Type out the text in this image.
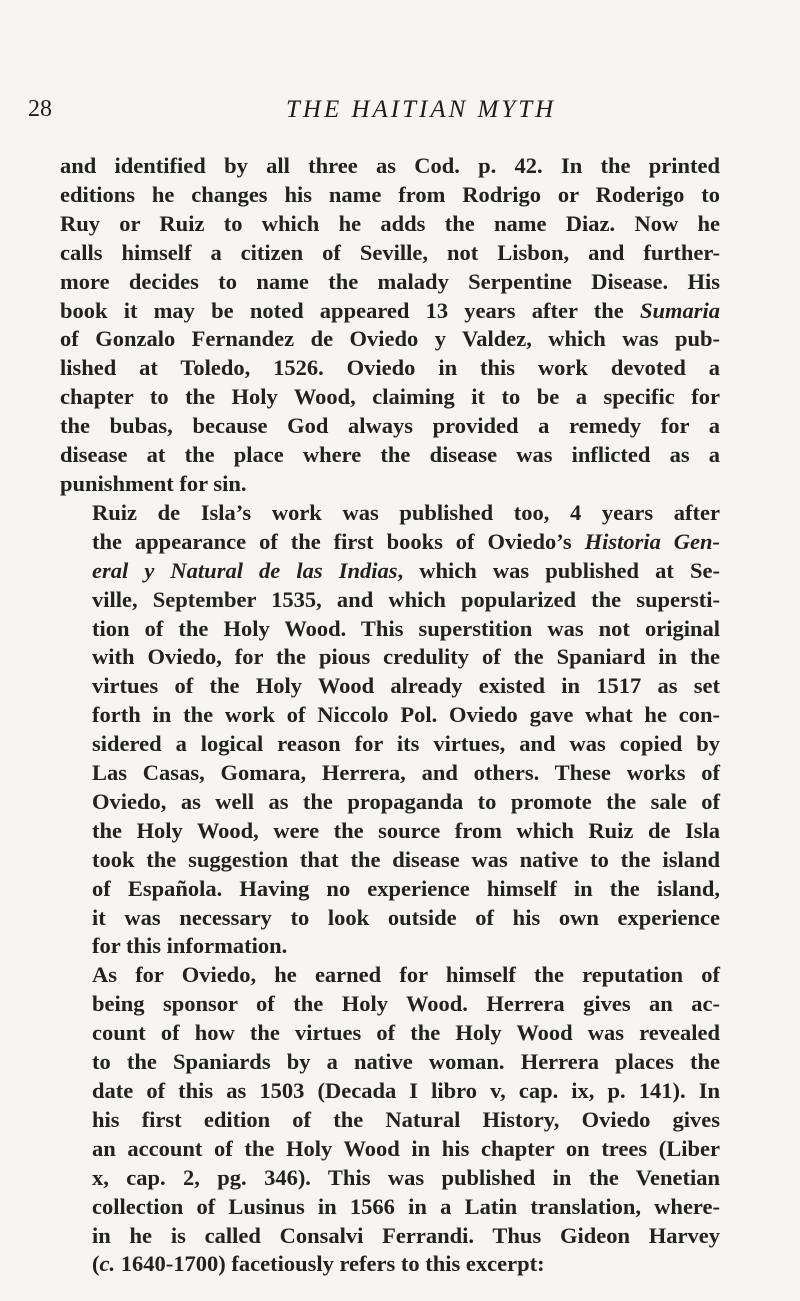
28	THE HAITIAN MYTH

and identified by all three as Cod. p. 42. In the printed
editions he changes his name from Rodrigo or Roderigo to
Ruy or Ruiz to which he adds the name Diaz. Now he
calls himself a citizen of Seville, not Lisbon, and further-
more decides to name the malady Serpentine Disease. His
book it may be noted appeared 13 years after the Sumaria
of Gonzalo Fernandez de Oviedo y Valdez, which was pub-
lished at Toledo, 1526. Oviedo in this work devoted a
chapter to the Holy Wood, claiming it to be a specific for
the bubas, because God always provided a remedy for a
disease at the place where the disease was inflicted as a
punishment for sin.

Ruiz de Isla’s work was published too, 4 years after
the appearance of the first books of Oviedo’s Historia Gen-
eral y Natural de las Indias, which was published at Se-
ville, September 1535, and which popularized the supersti-
tion of the Holy Wood. This superstition was not original
with Oviedo, for the pious credulity of the Spaniard in the
virtues of the Holy Wood already existed in 1517 as set
forth in the work of Niccolo Pol. Oviedo gave what he con-
sidered a logical reason for its virtues, and was copied by
Las Casas, Gomara, Herrera, and others. These works of
Oviedo, as well as the propaganda to promote the sale of
the Holy Wood, were the source from which Ruiz de Isla
took the suggestion that the disease was native to the island
of Española. Having no experience himself in the island,
it was necessary to look outside of his own experience
for this information.

As for Oviedo, he earned for himself the reputation of
being sponsor of the Holy Wood. Herrera gives an ac-
count of how the virtues of the Holy Wood was revealed
to the Spaniards by a native woman. Herrera places the
date of this as 1503 (Decada I libro v, cap. ix, p. 141). In
his first edition of the Natural History, Oviedo gives
an account of the Holy Wood in his chapter on trees (Liber
x, cap. 2, pg. 346). This was published in the Venetian
collection of Lusinus in 1566 in a Latin translation, where-
in he is called Consalvi Ferrandi. Thus Gideon Harvey
(c. 1640-1700) facetiously refers to this excerpt:
